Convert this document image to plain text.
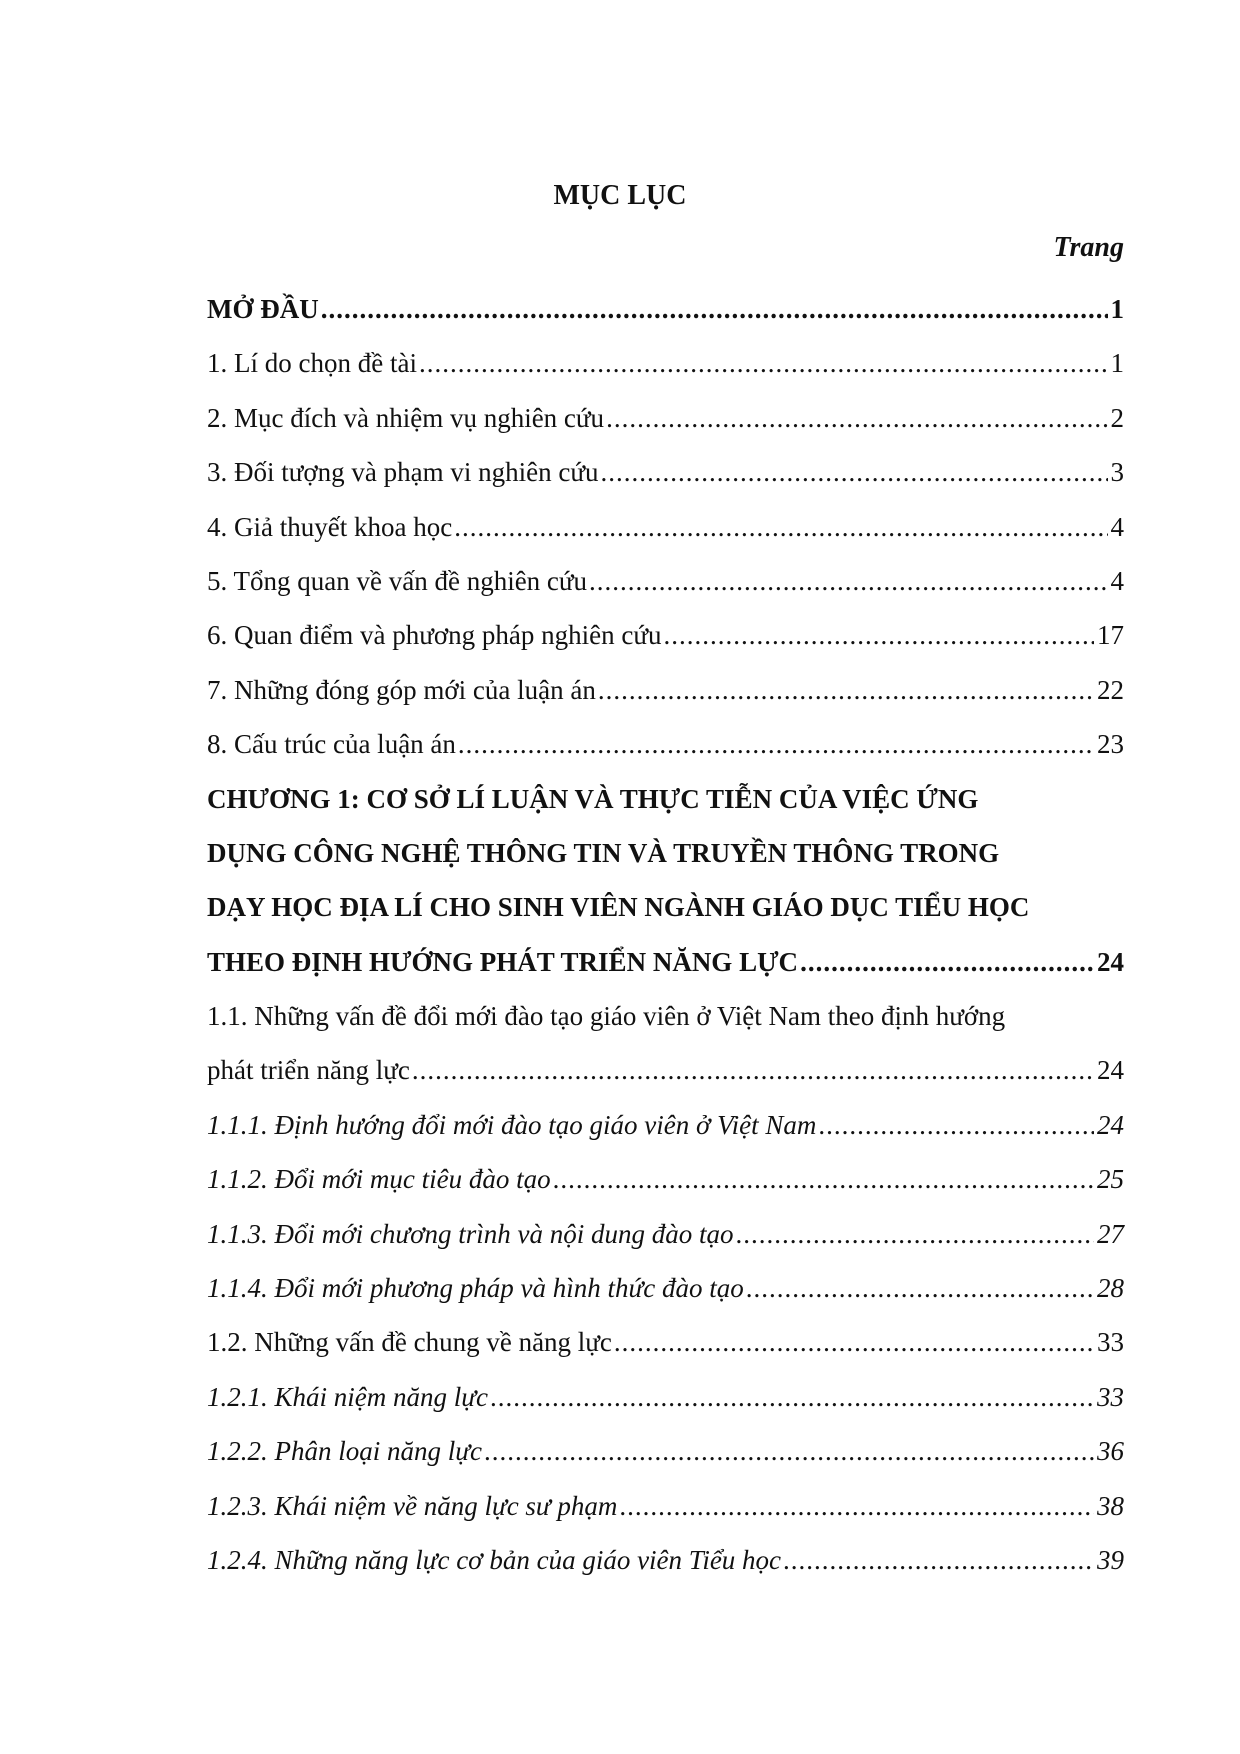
MỤC LỤC
Trang
MỞ ĐẦU .....	1
1. Lí do chọn đề tài .....	1
2. Mục đích và nhiệm vụ nghiên cứu .....	2
3. Đối tượng và phạm vi nghiên cứu .....	3
4. Giả thuyết khoa học .....	4
5. Tổng quan về vấn đề nghiên cứu .....	4
6. Quan điểm và phương pháp nghiên cứu .....	17
7. Những đóng góp mới của luận án .....	22
8. Cấu trúc của luận án .....	23
CHƯƠNG 1: CƠ SỞ LÍ LUẬN VÀ THỰC TIỄN CỦA VIỆC ỨNG
DỤNG CÔNG NGHỆ THÔNG TIN VÀ TRUYỀN THÔNG TRONG
DẠY HỌC ĐỊA LÍ CHO SINH VIÊN NGÀNH GIÁO DỤC TIỂU HỌC
THEO ĐỊNH HƯỚNG PHÁT TRIỂN NĂNG LỰC .....	24
1.1. Những vấn đề đổi mới đào tạo giáo viên ở Việt Nam theo định hướng
phát triển năng lực .....	24
1.1.1. Định hướng đổi mới đào tạo giáo viên ở Việt Nam .....	24
1.1.2. Đổi mới mục tiêu đào tạo .....	25
1.1.3. Đổi mới chương trình và nội dung đào tạo .....	27
1.1.4. Đổi mới phương pháp và hình thức đào tạo .....	28
1.2. Những vấn đề chung về năng lực .....	33
1.2.1. Khái niệm năng lực .....	33
1.2.2. Phân loại năng lực .....	36
1.2.3. Khái niệm về năng lực sư phạm .....	38
1.2.4. Những năng lực cơ bản của giáo viên Tiểu học .....	39
